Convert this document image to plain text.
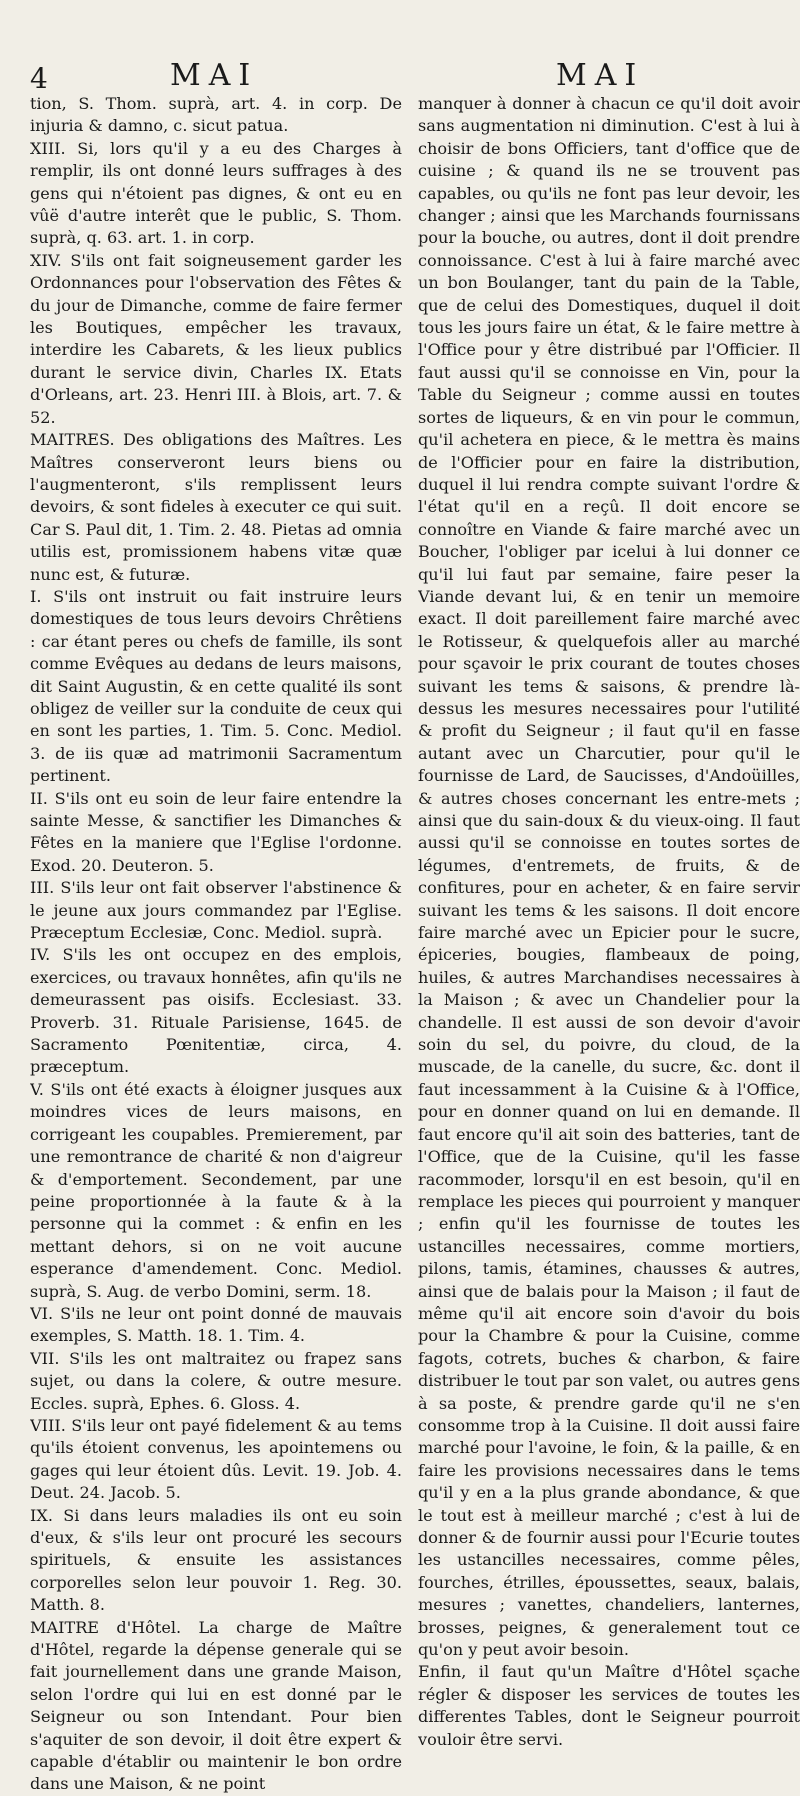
4	MAI	MAI

tion, S. Thom. suprà, art. 4. in corp. De injuria & damno, c. sicut patua.

XIII. Si, lors qu'il y a eu des Charges à remplir, ils ont donné leurs suffrages à des gens qui n'étoient pas dignes, & ont eu en vûë d'autre interêt que le public, S. Thom. suprà, q. 63. art. 1. in corp.

XIV. S'ils ont fait soigneusement garder les Ordonnances pour l'observation des Fêtes & du jour de Dimanche, comme de faire fermer les Boutiques, empêcher les travaux, interdire les Cabarets, & les lieux publics durant le service divin, Charles IX. Etats d'Orleans, art. 23. Henri III. à Blois, art. 7. & 52.

MAITRES. Des obligations des Maîtres. Les Maîtres conserveront leurs biens ou l'augmenteront, s'ils remplissent leurs devoirs, & sont fideles à executer ce qui suit. Car S. Paul dit, 1. Tim. 2. 48. Pietas ad omnia utilis est, promissionem habens vitæ quæ nunc est, & futuræ.

I. S'ils ont instruit ou fait instruire leurs domestiques de tous leurs devoirs Chrêtiens : car étant peres ou chefs de famille, ils sont comme Evêques au dedans de leurs maisons, dit Saint Augustin, & en cette qualité ils sont obligez de veiller sur la conduite de ceux qui en sont les parties, 1. Tim. 5. Conc. Mediol. 3. de iis quæ ad matrimonii Sacramentum pertinent.

II. S'ils ont eu soin de leur faire entendre la sainte Messe, & sanctifier les Dimanches & Fêtes en la maniere que l'Eglise l'ordonne. Exod. 20. Deuteron. 5.

III. S'ils leur ont fait observer l'abstinence & le jeune aux jours commandez par l'Eglise. Præceptum Ecclesiæ, Conc. Mediol. suprà.

IV. S'ils les ont occupez en des emplois, exercices, ou travaux honnêtes, afin qu'ils ne demeurassent pas oisifs. Ecclesiast. 33. Proverb. 31. Rituale Parisiense, 1645. de Sacramento Pœnitentiæ, circa, 4. præceptum.

V. S'ils ont été exacts à éloigner jusques aux moindres vices de leurs maisons, en corrigeant les coupables. Premierement, par une remontrance de charité & non d'aigreur & d'emportement. Secondement, par une peine proportionnée à la faute & à la personne qui la commet : & enfin en les mettant dehors, si on ne voit aucune esperance d'amendement. Conc. Mediol. suprà, S. Aug. de verbo Domini, serm. 18.

VI. S'ils ne leur ont point donné de mauvais exemples, S. Matth. 18. 1. Tim. 4.

VII. S'ils les ont maltraitez ou frapez sans sujet, ou dans la colere, & outre mesure. Eccles. suprà, Ephes. 6. Gloss. 4.

VIII. S'ils leur ont payé fidelement & au tems qu'ils étoient convenus, les apointemens ou gages qui leur étoient dûs. Levit. 19. Job. 4. Deut. 24. Jacob. 5.

IX. Si dans leurs maladies ils ont eu soin d'eux, & s'ils leur ont procuré les secours spirituels, & ensuite les assistances corporelles selon leur pouvoir 1. Reg. 30. Matth. 8.

MAITRE d'Hôtel. La charge de Maître d'Hôtel, regarde la dépense generale qui se fait journellement dans une grande Maison, selon l'ordre qui lui en est donné par le Seigneur ou son Intendant. Pour bien s'aquiter de son devoir, il doit être expert & capable d'établir ou maintenir le bon ordre dans une Maison, & ne point

manquer à donner à chacun ce qu'il doit avoir sans augmentation ni diminution. C'est à lui à choisir de bons Officiers, tant d'office que de cuisine ; & quand ils ne se trouvent pas capables, ou qu'ils ne font pas leur devoir, les changer ; ainsi que les Marchands fournissans pour la bouche, ou autres, dont il doit prendre connoissance. C'est à lui à faire marché avec un bon Boulanger, tant du pain de la Table, que de celui des Domestiques, duquel il doit tous les jours faire un état, & le faire mettre à l'Office pour y être distribué par l'Officier. Il faut aussi qu'il se connoisse en Vin, pour la Table du Seigneur ; comme aussi en toutes sortes de liqueurs, & en vin pour le commun, qu'il achetera en piece, & le mettra ès mains de l'Officier pour en faire la distribution, duquel il lui rendra compte suivant l'ordre & l'état qu'il en a reçû. Il doit encore se connoître en Viande & faire marché avec un Boucher, l'obliger par icelui à lui donner ce qu'il lui faut par semaine, faire peser la Viande devant lui, & en tenir un memoire exact. Il doit pareillement faire marché avec le Rotisseur, & quelquefois aller au marché pour sçavoir le prix courant de toutes choses suivant les tems & saisons, & prendre là-dessus les mesures necessaires pour l'utilité & profit du Seigneur ; il faut qu'il en fasse autant avec un Charcutier, pour qu'il le fournisse de Lard, de Saucisses, d'Andoüilles, & autres choses concernant les entre-mets ; ainsi que du sain-doux & du vieux-oing. Il faut aussi qu'il se connoisse en toutes sortes de légumes, d'entremets, de fruits, & de confitures, pour en acheter, & en faire servir suivant les tems & les saisons. Il doit encore faire marché avec un Epicier pour le sucre, épiceries, bougies, flambeaux de poing, huiles, & autres Marchandises necessaires à la Maison ; & avec un Chandelier pour la chandelle. Il est aussi de son devoir d'avoir soin du sel, du poivre, du cloud, de la muscade, de la canelle, du sucre, &c. dont il faut incessamment à la Cuisine & à l'Office, pour en donner quand on lui en demande. Il faut encore qu'il ait soin des batteries, tant de l'Office, que de la Cuisine, qu'il les fasse racommoder, lorsqu'il en est besoin, qu'il en remplace les pieces qui pourroient y manquer ; enfin qu'il les fournisse de toutes les ustancilles necessaires, comme mortiers, pilons, tamis, étamines, chausses & autres, ainsi que de balais pour la Maison ; il faut de même qu'il ait encore soin d'avoir du bois pour la Chambre & pour la Cuisine, comme fagots, cotrets, buches & charbon, & faire distribuer le tout par son valet, ou autres gens à sa poste, & prendre garde qu'il ne s'en consomme trop à la Cuisine. Il doit aussi faire marché pour l'avoine, le foin, & la paille, & en faire les provisions necessaires dans le tems qu'il y en a la plus grande abondance, & que le tout est à meilleur marché ; c'est à lui de donner & de fournir aussi pour l'Ecurie toutes les ustancilles necessaires, comme pêles, fourches, étrilles, époussettes, seaux, balais, mesures ; vanettes, chandeliers, lanternes, brosses, peignes, & generalement tout ce qu'on y peut avoir besoin.

Enfin, il faut qu'un Maître d'Hôtel sçache régler & disposer les services de toutes les differentes Tables, dont le Seigneur pourroit vouloir être servi.
